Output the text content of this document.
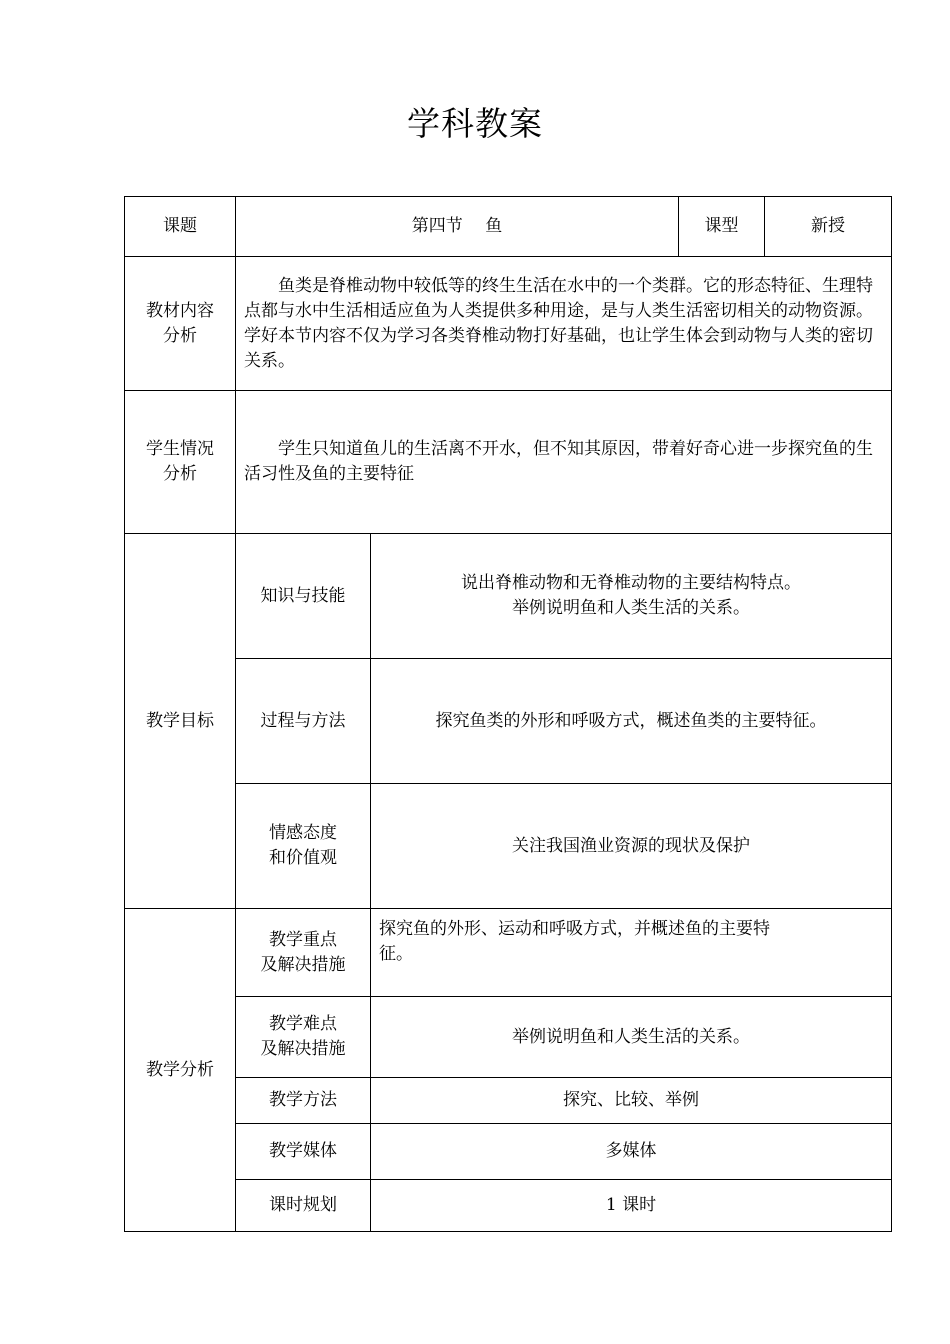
学科教案
课题	第四节　 鱼		课型	新授

教材内容
分析	鱼类是脊椎动物中较低等的终生生活在水中的一个类群。它的形态特征、生理特点都与水中生活相适应鱼为人类提供多种用途，是与人类生活密切相关的动物资源。学好本节内容不仅为学习各类脊椎动物打好基础，也让学生体会到动物与人类的密切关系。			

学生情况
分析	学生只知道鱼儿的生活离不开水，但不知其原因，带着好奇心进一步探究鱼的生活习性及鱼的主要特征			
教学目标	知识与技能	说出脊椎动物和无脊椎动物的主要结构特点。
举例说明鱼和人类生活的关系。		

	过程与方法	探究鱼类的外形和呼吸方式，概述鱼类的主要特征。		

	情感态度
和价值观	关注我国渔业资源的现状及保护		

教学分析	教学重点
及解决措施	探究鱼的外形、运动和呼吸方式，并概述鱼的主要特
征。		

	教学难点
及解决措施	举例说明鱼和人类生活的关系。		

	教学方法	探究、比较、举例		

	教学媒体	多媒体		

	课时规划	1 课时		
